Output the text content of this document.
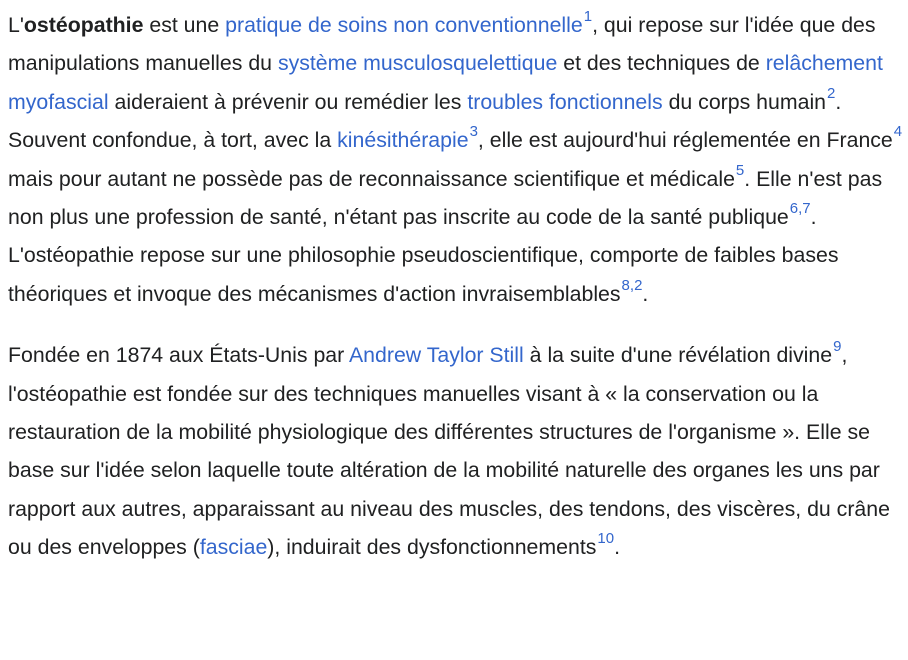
L'ostéopathie est une pratique de soins non conventionnelle$^1$, qui repose sur l'idée que des manipulations manuelles du système musculosquelettique et des techniques de relâchement myofascial aideraient à prévenir ou remédier les troubles fonctionnels du corps humain$^2$. Souvent confondue, à tort, avec la kinésithérapie$^3$, elle est aujourd'hui réglementée en France$^4$ mais pour autant ne possède pas de reconnaissance scientifique et médicale$^5$. Elle n'est pas non plus une profession de santé, n'étant pas inscrite au code de la santé publique$^{6,7}$. L'ostéopathie repose sur une philosophie pseudoscientifique, comporte de faibles bases théoriques et invoque des mécanismes d'action invraisemblables$^{8,2}$.

Fondée en 1874 aux États-Unis par Andrew Taylor Still à la suite d'une révélation divine$^9$, l'ostéopathie est fondée sur des techniques manuelles visant à « la conservation ou la restauration de la mobilité physiologique des différentes structures de l'organisme ». Elle se base sur l'idée selon laquelle toute altération de la mobilité naturelle des organes les uns par rapport aux autres, apparaissant au niveau des muscles, des tendons, des viscères, du crâne ou des enveloppes (fasciae), induirait des dysfonctionnements$^{10}$.
